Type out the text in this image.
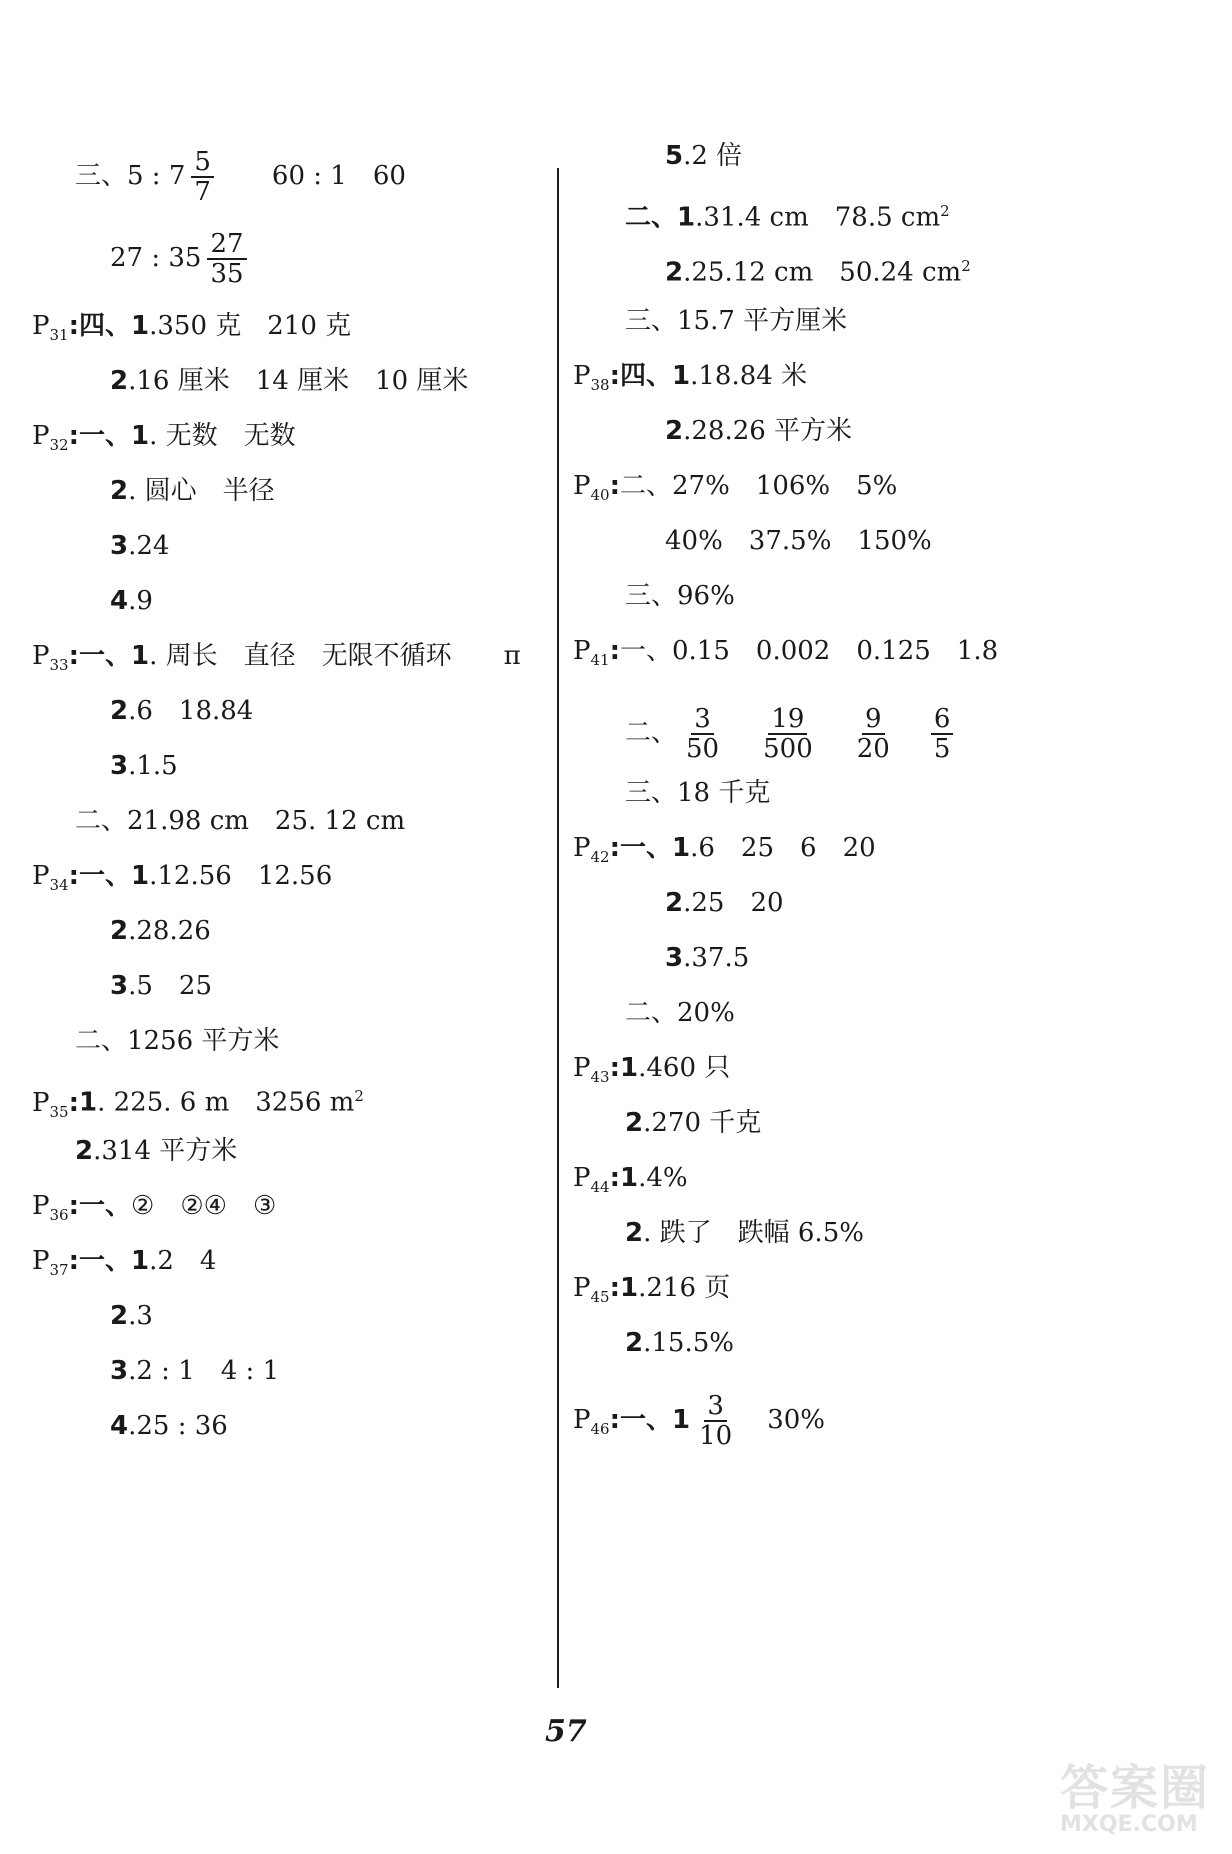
三、5 : $7 \frac{5}{7} 60$ : 1 60
27 : $35 \frac{27}{35}$
$P_{31}$:四、1.350 克 210 克
2.16 厘米 14 厘米 10 厘米
$P_{32}$:一、1. 无数 无数
2. 圆心 半径
3.24
4.9
$P_{33}$:一、1. 周长 直径 无限不循环 π
2.6 18.84
3.1.5
二、21.98 cm 25. 12 cm
$P_{34}$:一、1.12.56 12.56
2.28.26
3.5 25
二、1256 平方米
$P_{35}:1$. 225. 6 m 3256 $m^2$
2.314 平方米
$P_{36}$:一、② ②④ ③
$P_{37}$:一、1.2 4
2.3
3.2 : 1 4 : 1
4.25 : 36
5.2 倍
二、1.31.4 cm 78.5 $cm^2$
2.25.12 cm 50.24 $cm^2$
三、15.7 平方厘米
$P_{38}$:四、1.18.84 米
2.28.26 平方米
$P_{40}$:二、27% 106% 5%
40% 37.5% 150%
三、96%
$P_{41}$:一、0.15 0.002 0.125 1.8
二、 $\frac{3}{50} \frac{19}{500} \frac{9}{20} \frac{6}{5}$
三、18 千克
$P_{42}$:一、1.6 25 6 20
2.25 20
3.37.5
二、20%
$P_{43}:1.460$ 只
2.270 千克
$P_{44}:1.4\%$
2. 跌了 跌幅 6.5%
$P_{45}:1.216$ 页
2.15.5%
$P_{46}$:一、$1 \frac{3}{10} 30\%$
57
答案圈
MXQE.COM
